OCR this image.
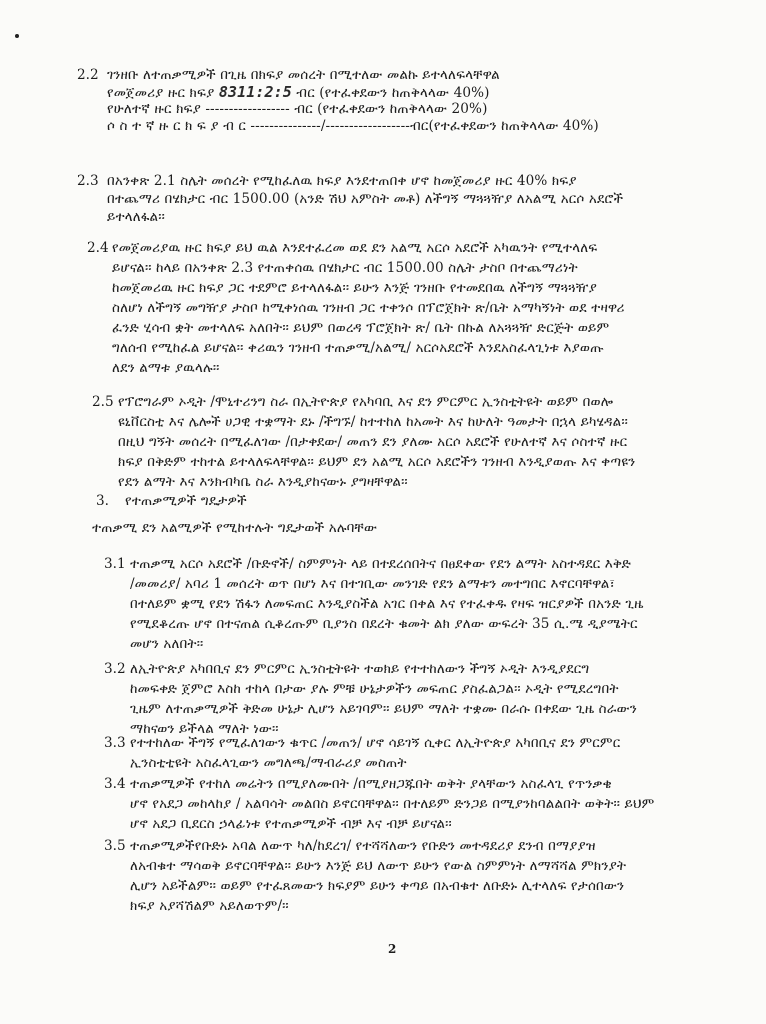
2.2 ገንዘቡ ለተጠቃሚዎች በጊዜ በክፍያ መሰረት በሚተለው መልኩ ይተላለፍላቸዋል
የመጀመሪያ ዙር ክፍያ 8311:2:5 ብር (የተፈቀደውን ከጠቅላላው 40%)
የሁለተኛ ዙር ክፍያ ------------------ ብር (የተፈቀደውን ከጠቅላላው 20%)
ሶ ስ ተ ኛ ዙ ር ክ ፍ ያ ብ ር ---------------/------------------ብር(የተፈቀደውን ከጠቅላላው 40%)
2.3 በአንቀጽ 2.1 ስሌት መሰረት የሚከፈለዉ ክፍያ እንደተጠበቀ ሆኖ ከመጀመሪያ ዙር 40% ክፍያ
በተጨማሪ በሄክታር ብር 1500.00 (አንድ ሽህ አምስት መቶ) ለችግኝ ማጓጓዥያ ለአልሚ አርሶ አደሮች
ይተላለፋል፡፡
2.4 የመጀመሪያዉ ዙር ክፍያ ይህ ዉል እንደተፈረመ ወደ ደን አልሚ አርሶ አደሮች አካዉንት የሚተላለፍ
ይሆናል፡፡ ከላይ በአንቀጽ 2.3 የተጠቀሰዉ በሄክታር ብር 1500.00 ስሌት ታስቦ በተጨማሪነት
ከመጀመሪዉ ዙር ክፍያ ጋር ተደምሮ ይተላለፋል፡፡ ይሁን እንጅ ገንዘቡ የተመደበዉ ለችግኝ ማጓጓዥያ
ስለሆነ ለችግኝ መግዥያ ታስቦ ከሚቀነሰዉ ገንዘብ ጋር ተቀንሶ በፕሮጀክት ጽ/ቤት አማካኝነት ወደ ተዛዋሪ
ፈንድ ሂሳብ ቋት መተላለፍ አለበት፡፡ ይህም በወረዳ ፕሮጀክት ጽ/ ቤት በኩል ለአጓጓዥ ድርጅት ወይም
ግለሰብ የሚከፈል ይሆናል፡፡ ቀሪዉን ገንዘብ ተጠቃሚ/አልሚ/ አርሶአደሮች እንደአስፈላጊነቱ እያወጡ
ለደን ልማቱ ያዉላሉ፡፡
2.5 የፕሮግራም ኦዲት /ሞኒተሪንግ ስራ በኢትዮጵያ የአካባቢ እና ደን ምርምር ኢንስቲትዩት ወይም በወሎ
ዩኒቨርስቲ እና ሌሎች ሀጋዊ ተቋማት ደኑ /ችግኙ/ ከተተከለ ከአመት እና ከሁለት ዓመታት በኋላ ይካሄዳል፡፡
በዚህ ግኝት መሰረት በሚፈለገው /በታቀደው/ መጠን ደን ያለሙ አርሶ አደሮች የሁለተኛ እና ሶስተኛ ዙር
ክፍያ በቅድም ተከተል ይተላለፍላቸዋል፡፡ ይህም ደን አልሚ አርሶ አደሮችን ገንዘብ እንዲያወጡ እና ቀጣዩን
የደን ልማት እና እንክብካቤ ስራ እንዲያከናውኑ ያግዛቸዋል፡፡
3. የተጠቃሚዎች ግዴታዎች
ተጠቃሚ ደን አልሚዎች የሚከተሉት ግዴታወች አሉባቸው
3.1 ተጠቃሚ አርሶ አደሮች /ቡድኖች/ ስምምነት ላይ በተደረሰበትና በፀደቀው የደን ልማት አስተዳደር እቅድ
/መመሪያ/ አባሪ 1 መሰረት ወጥ በሆነ እና በተገቢው መንገድ የደን ልማቱን መተግበር እኖርባቸዋል፣
በተለይም ቋሚ የደን ሽፋን ለመፍጠር እንዲያስችል አገር በቀል እና የተፈቀዱ የዛፍ ዝርያዎች በአንድ ጊዜ
የሚደቆረጡ ሆኖ በተናጠል ሲቆረጡም ቢያንስ በደረት ቁመት ልክ ያለው ውፍረት 35 ሲ.ሜ ዲያሜትር
መሆን አለበት፡፡
3.2 ለኢትዮጵያ አካበቢና ደን ምርምር ኢንስቲትዩት ተወክይ የተተከለውን ችግኝ ኦዲት እንዲያደርግ
ከመፍቀድ ጀምሮ እስከ ተከላ በታው ያሉ ምቹ ሁኔታዎችን መፍጠር ያስፈልጋል፡፡ ኦዲት የሚደረግበት
ጊዜም ለተጠቃሚዎች ቅድመ ሁኔታ ሊሆን አይገባም፡፡ ይህም ማለት ተቋሙ በራሱ በቀደው ጊዜ ስራውን
ማከናወን ይችላል ማለት ነው፡፡
3.3 የተተከለው ችግኝ የሚፈለገውን ቁጥር /መጠን/ ሆኖ ሳይገኝ ሲቀር ለኢትዮጵያ አካበቢና ደን ምርምር
ኢንስቲቲዩት አስፈላጊውን መግለጫ/ማብራሪያ መስጠት
3.4 ተጠቃሚዎች የተከለ መሬትን በሚያለሙበት /በሚያዘጋጁበት ወቅት ያላቸውን አስፈላጊ የጥንቃቄ
ሆኖ የአደጋ መከላከያ / አልባሳት መልበስ ይኖርባቸዋል፡፡ በተለይም ድንጋይ በሚያንከባልልበት ወቅት፡፡ ይህም
ሆኖ አደጋ ቢደርስ ኃላፊነቱ የተጠቃሚዎች ብቻ እና ብቻ ይሆናል፡፡
3.5 ተጠቃሚዎችየቡድኑ አባል ለውጥ ካለ/ከደረገ/ የተሻሻለውን የቡድን መተዳደሪያ ደንብ በማያያዝ
ለአብቁተ ማሳወቅ ይኖርባቸዋል፡፡ ይሁን እንጅ ይህ ለውጥ ይሁን የውል ስምምነት ለማሻሻል ምክንያት
ሊሆን አይችልም፡፡ ወይም የተፈጸመውን ክፍያም ይሁን ቀጣይ በአብቁተ ለቡድኑ ሊተላለፍ የታሰበውን
ክፍያ አያሻሽልም አይለወጥም/፡፡
2
